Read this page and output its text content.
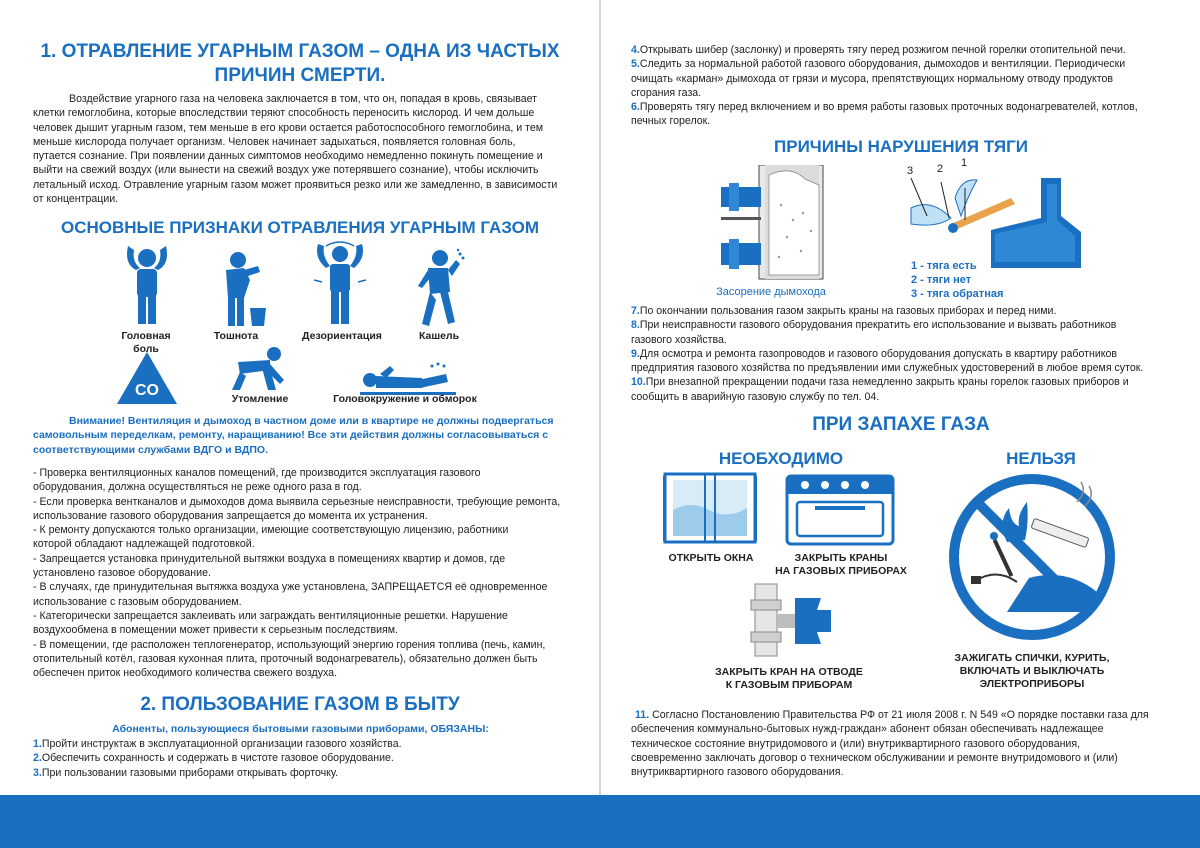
1. ОТРАВЛЕНИЕ УГАРНЫМ ГАЗОМ – ОДНА ИЗ ЧАСТЫХ
ПРИЧИН СМЕРТИ.
Воздействие угарного газа на человека заключается в том, что он, попадая в кровь, связывает
клетки гемоглобина, которые впоследствии теряют способность переносить кислород. И чем дольше
человек дышит угарным газом, тем меньше в его крови остается работоспособного гемоглобина, и тем
меньше кислорода получает организм. Человек начинает задыхаться, появляется головная боль,
путается сознание. При появлении данных симптомов необходимо немедленно покинуть помещение и
выйти на свежий воздух (или вынести на свежий воздух уже потерявшего сознание), чтобы исключить
летальный исход. Отравление угарным газом может проявиться резко или же замедленно, в зависимости
от концентрации.
ОСНОВНЫЕ ПРИЗНАКИ ОТРАВЛЕНИЯ УГАРНЫМ ГАЗОМ
Головная
боль
Тошнота	Дезориентация	Кашель
CO	Утомление	Головокружение и обморок
Внимание! Вентиляция и дымоход в частном доме или в квартире не должны подвергаться
самовольным переделкам, ремонту, наращиванию! Все эти действия должны согласовываться с
соответствующими службами ВДГО и ВДПО.
- Проверка вентиляционных каналов помещений, где производится эксплуатация газового
оборудования, должна осуществляться не реже одного раза в год.
- Если проверка вентканалов и дымоходов дома выявила серьезные неисправности, требующие ремонта,
использование газового оборудования запрещается до момента их устранения.
- К ремонту допускаются только организации, имеющие соответствующую лицензию, работники
которой обладают надлежащей подготовкой.
- Запрещается установка принудительной вытяжки воздуха в помещениях квартир и домов, где
установлено газовое оборудование.
- В случаях, где принудительная вытяжка воздуха уже установлена, ЗАПРЕЩАЕТСЯ её одновременное
использование с газовым оборудованием.
- Категорически запрещается заклеивать или заграждать вентиляционные решетки. Нарушение
воздухообмена в помещении может привести к серьезным последствиям.
- В помещении, где расположен теплогенератор, использующий энергию горения топлива (печь, камин,
отопительный котёл, газовая кухонная плита, проточный водонагреватель), обязательно должен быть
обеспечен приток необходимого количества свежего воздуха.
2. ПОЛЬЗОВАНИЕ ГАЗОМ В БЫТУ
Абоненты, пользующиеся бытовыми газовыми приборами, ОБЯЗАНЫ:
1.Пройти инструктаж в эксплуатационной организации газового хозяйства.
2.Обеспечить сохранность и содержать в чистоте газовое оборудование.
3.При пользовании газовыми приборами открывать форточку.
4.Открывать шибер (заслонку) и проверять тягу перед розжигом печной горелки отопительной печи.
5.Следить за нормальной работой газового оборудования, дымоходов и вентиляции. Периодически
очищать «карман» дымохода от грязи и мусора, препятствующих нормальному отводу продуктов
сгорания газа.
6.Проверять тягу перед включением и во время работы газовых проточных водонагревателей, котлов,
печных горелок.
ПРИЧИНЫ НАРУШЕНИЯ ТЯГИ
Засорение дымохода
3 2 1
1 - тяга есть
2 - тяги нет
3 - тяга обратная
7.По окончании пользования газом закрыть краны на газовых приборах и перед ними.
8.При неисправности газового оборудования прекратить его использование и вызвать работников
газового хозяйства.
9.Для осмотра и ремонта газопроводов и газового оборудования допускать в квартиру работников
предприятия газового хозяйства по предъявлении ими служебных удостоверений в любое время суток.
10.При внезапной прекращении подачи газа немедленно закрыть краны горелок газовых приборов и
сообщить в аварийную газовую службу по тел. 04.
ПРИ ЗАПАХЕ ГАЗА
НЕОБХОДИМО	НЕЛЬЗЯ
ОТКРЫТЬ ОКНА	ЗАКРЫТЬ КРАНЫ
НА ГАЗОВЫХ ПРИБОРАХ
ЗАКРЫТЬ КРАН НА ОТВОДЕ
К ГАЗОВЫМ ПРИБОРАМ
ЗАЖИГАТЬ СПИЧКИ, КУРИТЬ,
ВКЛЮЧАТЬ И ВЫКЛЮЧАТЬ
ЭЛЕКТРОПРИБОРЫ
11. Согласно Постановлению Правительства РФ от 21 июля 2008 г. N 549 «О порядке поставки газа для
обеспечения коммунально-бытовых нужд-граждан» абонент обязан обеспечивать надлежащее
техническое состояние внутридомового и (или) внутриквартирного газового оборудования,
своевременно заключать договор о техническом обслуживании и ремонте внутридомового и (или)
внутриквартирного газового оборудования.
